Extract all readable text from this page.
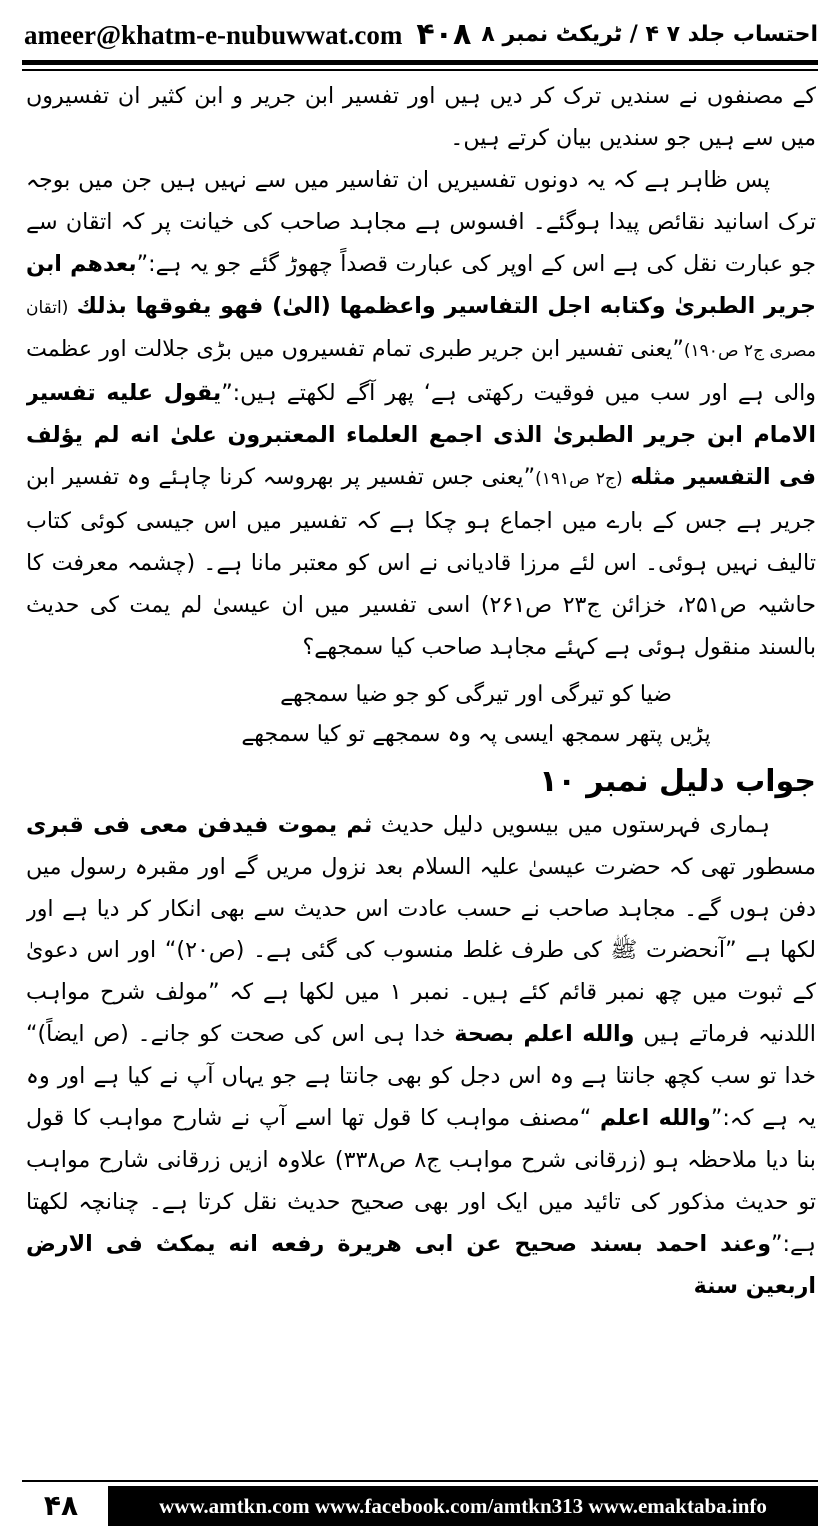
ameer@khatm-e-nubuwwat.com ۴۰۸ احتساب جلد ۷ ۴ / ٹریکٹ نمبر ۸

کے مصنفوں نے سندیں ترک کر دیں ہیں اور تفسیر ابن جریر و ابن کثیر ان تفسیروں میں سے ہیں جو سندیں بیان کرتے ہیں۔

پس ظاہر ہے کہ یہ دونوں تفسیریں ان تفاسیر میں سے نہیں ہیں جن میں بوجہ ترک اسانید نقائص پیدا ہوگئے۔ افسوس ہے مجاہد صاحب کی خیانت پر کہ اتقان سے جو عبارت نقل کی ہے اس کے اوپر کی عبارت قصداً چھوڑ گئے جو یہ ہے:”بعدهم ابن جرير الطبرىٰ وكتابه اجل التفاسير واعظمها (الىٰ) فهو يفوقها بذلك (اتقان مصری ج۲ ص۱۹۰)”یعنی تفسیر ابن جریر طبری تمام تفسیروں میں بڑی جلالت اور عظمت والی ہے اور سب میں فوقیت رکھتی ہے‘ پھر آگے لکھتے ہیں:”يقول عليه تفسير الامام ابن جرير الطبرىٰ الذى اجمع العلماء المعتبرون علىٰ انه لم يؤلف فى التفسير مثله (ج۲ ص۱۹۱)”یعنی جس تفسیر پر بھروسہ کرنا چاہئے وہ تفسیر ابن جریر ہے جس کے بارے میں اجماع ہو چکا ہے کہ تفسیر میں اس جیسی کوئی کتاب تالیف نہیں ہوئی۔ اس لئے مرزا قادیانی نے اس کو معتبر مانا ہے۔ (چشمہ معرفت کا حاشیہ ص۲۵۱، خزائن ج۲۳ ص۲۶۱) اسی تفسیر میں ان عیسیٰ لم یمت کی حدیث بالسند منقول ہوئی ہے کہئے مجاہد صاحب کیا سمجھے؟

ضیا کو تیرگی اور تیرگی کو جو ضیا سمجھے
پڑیں پتھر سمجھ ایسی پہ وہ سمجھے تو کیا سمجھے

جواب دلیل نمبر ۱۰

ہماری فہرستوں میں بیسویں دلیل حدیث ثم يموت فيدفن معى فى قبرى مسطور تھی کہ حضرت عیسیٰ علیہ السلام بعد نزول مریں گے اور مقبرہ رسول میں دفن ہوں گے۔ مجاہد صاحب نے حسب عادت اس حدیث سے بھی انکار کر دیا ہے اور لکھا ہے ”آنحضرت ﷺ کی طرف غلط منسوب کی گئی ہے۔ (ص۲۰)“ اور اس دعویٰ کے ثبوت میں چھ نمبر قائم کئے ہیں۔ نمبر ۱ میں لکھا ہے کہ ”مولف شرح مواہب اللدنیہ فرماتے ہیں والله اعلم بصحة خدا ہی اس کی صحت کو جانے۔ (ص ایضاً)“ خدا تو سب کچھ جانتا ہے وہ اس دجل کو بھی جانتا ہے جو یہاں آپ نے کیا ہے اور وہ یہ ہے کہ:”والله اعلم “مصنف مواہب کا قول تھا اسے آپ نے شارح مواہب کا قول بنا دیا ملاحظہ ہو (زرقانی شرح مواہب ج۸ ص۳۳۸) علاوہ ازیں زرقانی شارح مواہب تو حدیث مذکور کی تائید میں ایک اور بھی صحیح حدیث نقل کرتا ہے۔ چنانچہ لکھتا ہے:”وعند احمد بسند صحيح عن ابى هريرة رفعه انه يمكث فى الارض اربعين سنة

۴۸	www.amtkn.com www.facebook.com/amtkn313 www.emaktaba.info
